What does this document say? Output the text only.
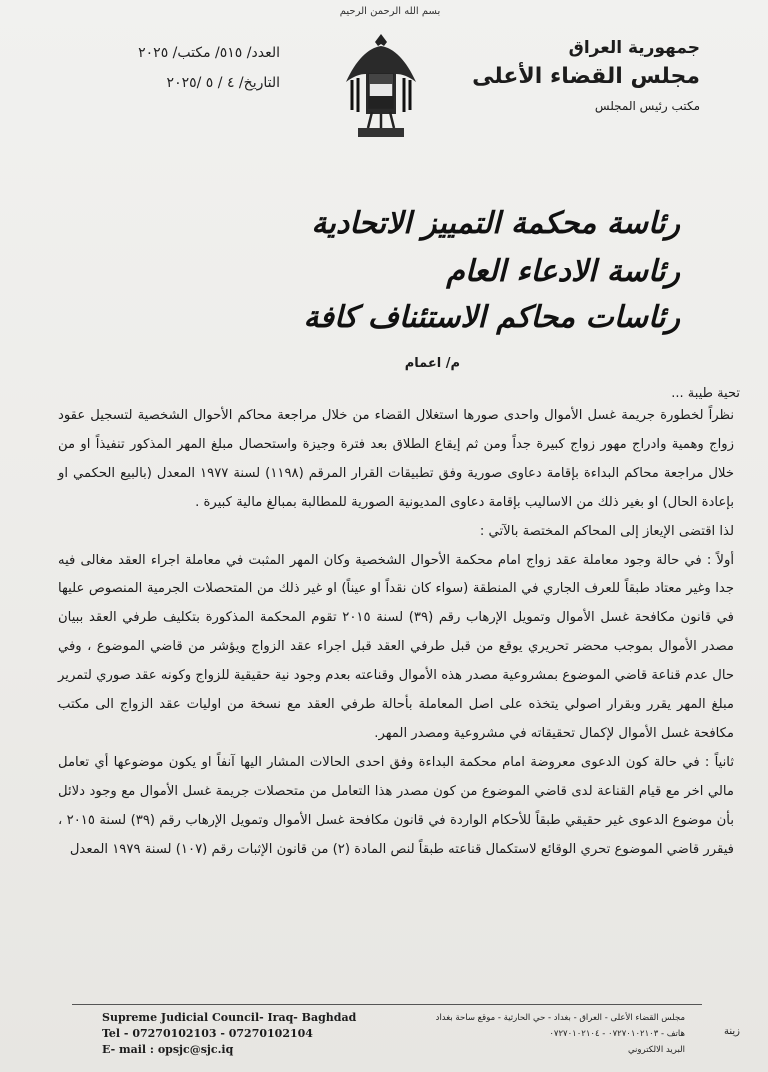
بسم الله الرحمن الرحيم
العدد/ ٥١٥/ مكتب/ ٢٠٢٥
التاريخ/ ٤ / ٥ /٢٠٢٥
جمهورية العراق
مجلس القضاء الأعلى
مكتب رئيس المجلس
رئاسة محكمة التمييز الاتحادية
رئاسة الادعاء العام
رئاسات محاكم الاستئناف كافة
م/ اعمام
تحية طيبة ...

نظراً لخطورة جريمة غسل الأموال واحدى صورها استغلال القضاء من خلال مراجعة محاكم الأحوال الشخصية لتسجيل عقود زواج وهمية وادراج مهور زواج كبيرة جداً ومن ثم إيقاع الطلاق بعد فترة وجيزة واستحصال مبلغ المهر المذكور تنفيذاً او من خلال مراجعة محاكم البداءة بإقامة دعاوى صورية وفق تطبيقات القرار المرقم (١١٩٨) لسنة ١٩٧٧ المعدل (بالبيع الحكمي او بإعادة الحال) او بغير ذلك من الاساليب بإقامة دعاوى المديونية الصورية للمطالبة بمبالغ مالية كبيرة .

لذا اقتضى الإيعاز إلى المحاكم المختصة بالآتي :

أولاً : في حالة وجود معاملة عقد زواج امام محكمة الأحوال الشخصية وكان المهر المثبت في معاملة اجراء العقد مغالى فيه جدا وغير معتاد طبقاً للعرف الجاري في المنطقة (سواء كان نقداً او عيناً) او غير ذلك من المتحصلات الجرمية المنصوص عليها في قانون مكافحة غسل الأموال وتمويل الإرهاب رقم (٣٩) لسنة ٢٠١٥ تقوم المحكمة المذكورة بتكليف طرفي العقد ببيان مصدر الأموال بموجب محضر تحريري يوقع من قبل طرفي العقد قبل اجراء عقد الزواج ويؤشر من قاضي الموضوع ، وفي حال عدم قناعة قاضي الموضوع بمشروعية مصدر هذه الأموال وقناعته بعدم وجود نية حقيقية للزواج وكونه عقد صوري لتمرير مبلغ المهر يقرر وبقرار اصولي يتخذه على اصل المعاملة بأحالة طرفي العقد مع نسخة من اوليات عقد الزواج الى مكتب مكافحة غسل الأموال لإكمال تحقيقاته في مشروعية ومصدر المهر.

ثانياً : في حالة كون الدعوى معروضة امام محكمة البداءة وفق احدى الحالات المشار اليها آنفاً او يكون موضوعها أي تعامل مالي اخر مع قيام القناعة لدى قاضي الموضوع من كون مصدر هذا التعامل من متحصلات جريمة غسل الأموال مع وجود دلائل بأن موضوع الدعوى غير حقيقي طبقاً للأحكام الواردة في قانون مكافحة غسل الأموال وتمويل الإرهاب رقم (٣٩) لسنة ٢٠١٥ ، فيقرر قاضي الموضوع تحري الوقائع لاستكمال قناعته طبقاً لنص المادة (٢) من قانون الإثبات رقم (١٠٧) لسنة ١٩٧٩ المعدل

Supreme Judicial Council- Iraq- Baghdad
Tel - 07270102103 - 07270102104
E- mail : opsjc@sjc.iq
مجلس القضاء الأعلى - العراق - بغداد - حي الحارثية - موقع ساحة بغداد
هاتف - ٠٧٢٧٠١٠٢١٠٣ - ٠٧٢٧٠١٠٢١٠٤
البريد الالكتروني
زينة
